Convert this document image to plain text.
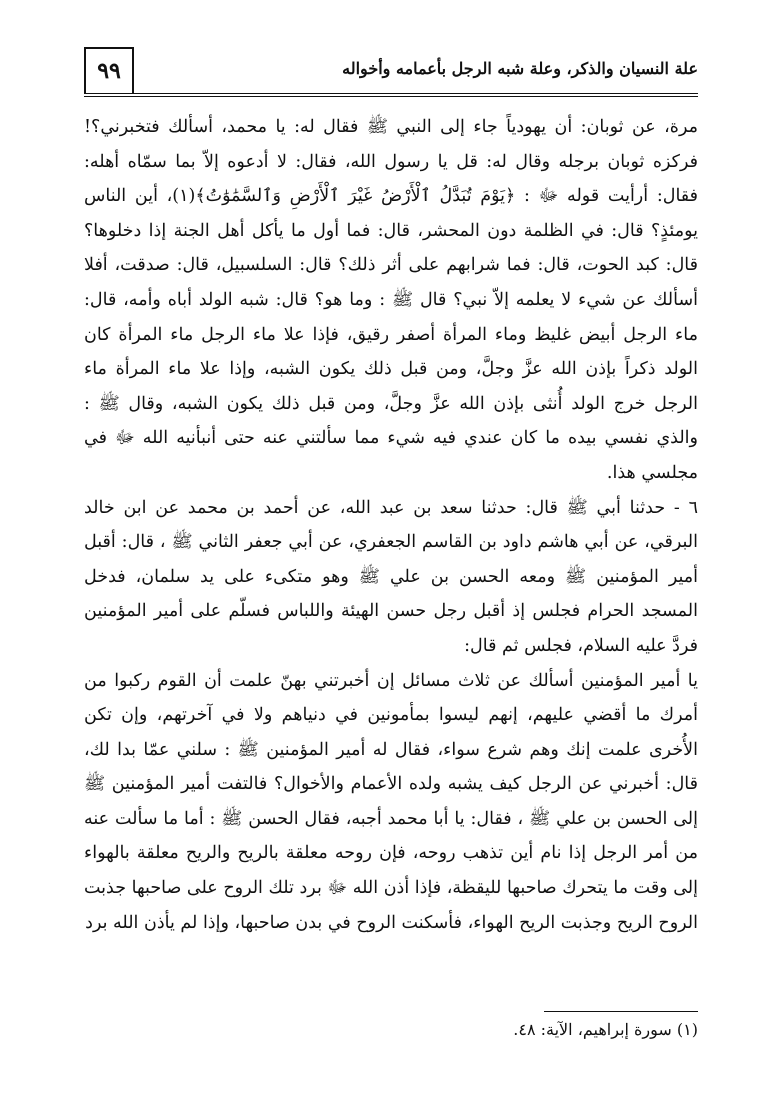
٩٩	علة النسيان والذكر، وعلة شبه الرجل بأعمامه وأخواله

مرة، عن ثوبان: أن يهودياً جاء إلى النبي ﷺ فقال له: يا محمد، أسألك فتخبرني؟! فركزه ثوبان برجله وقال له: قل يا رسول الله، فقال: لا أدعوه إلاّ بما سمّاه أهله: فقال: أرأيت قوله ﷻ : ﴿يَوْمَ تُبَدَّلُ ٱلْأَرْضُ غَيْرَ ٱلْأَرْضِ وَٱلسَّمَٰوَٰتُ﴾(١)، أين الناس يومئذٍ؟ قال: في الظلمة دون المحشر، قال: فما أول ما يأكل أهل الجنة إذا دخلوها؟ قال: كبد الحوت، قال: فما شرابهم على أثر ذلك؟ قال: السلسبيل، قال: صدقت، أفلا أسألك عن شيء لا يعلمه إلاّ نبي؟ قال ﷺ : وما هو؟ قال: شبه الولد أباه وأمه، قال: ماء الرجل أبيض غليظ وماء المرأة أصفر رقيق، فإذا علا ماء الرجل ماء المرأة كان الولد ذكراً بإذن الله عزَّ وجلَّ، ومن قبل ذلك يكون الشبه، وإذا علا ماء المرأة ماء الرجل خرج الولد أُنثى بإذن الله عزَّ وجلَّ، ومن قبل ذلك يكون الشبه، وقال ﷺ : والذي نفسي بيده ما كان عندي فيه شيء مما سألتني عنه حتى أنبأنيه الله ﷻ في مجلسي هذا.

٦ - حدثنا أبي ﷺ قال: حدثنا سعد بن عبد الله، عن أحمد بن محمد عن ابن خالد البرقي، عن أبي هاشم داود بن القاسم الجعفري، عن أبي جعفر الثاني ﷺ ، قال: أقبل أمير المؤمنين ﷺ ومعه الحسن بن علي ﷺ وهو متكىء على يد سلمان، فدخل المسجد الحرام فجلس إذ أقبل رجل حسن الهيئة واللباس فسلّم على أمير المؤمنين فردَّ عليه السلام، فجلس ثم قال:

يا أمير المؤمنين أسألك عن ثلاث مسائل إن أخبرتني بهنّ علمت أن القوم ركبوا من أمرك ما أقضي عليهم، إنهم ليسوا بمأمونين في دنياهم ولا في آخرتهم، وإن تكن الأُخرى علمت إنك وهم شرع سواء، فقال له أمير المؤمنين ﷺ : سلني عمّا بدا لك، قال: أخبرني عن الرجل كيف يشبه ولده الأعمام والأخوال؟ فالتفت أمير المؤمنين ﷺ إلى الحسن بن علي ﷺ ، فقال: يا أبا محمد أجبه، فقال الحسن ﷺ : أما ما سألت عنه من أمر الرجل إذا نام أين تذهب روحه، فإن روحه معلقة بالريح والريح معلقة بالهواء إلى وقت ما يتحرك صاحبها لليقظة، فإذا أذن الله ﷻ برد تلك الروح على صاحبها جذبت الروح الريح وجذبت الريح الهواء، فأسكنت الروح في بدن صاحبها، وإذا لم يأذن الله برد

(١) سورة إبراهيم، الآية: ٤٨.
